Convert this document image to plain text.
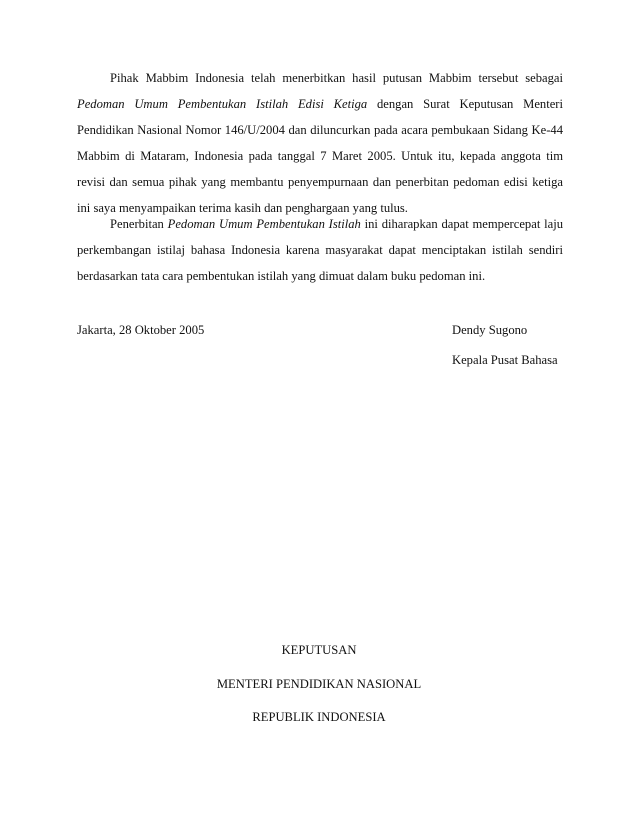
Pihak Mabbim Indonesia telah menerbitkan hasil putusan Mabbim tersebut sebagai Pedoman Umum Pembentukan Istilah Edisi Ketiga dengan Surat Keputusan Menteri Pendidikan Nasional Nomor 146/U/2004 dan diluncurkan pada acara pembukaan Sidang Ke-44 Mabbim di Mataram, Indonesia pada tanggal 7 Maret 2005. Untuk itu, kepada anggota tim revisi dan semua pihak yang membantu penyempurnaan dan penerbitan pedoman edisi ketiga ini saya menyampaikan terima kasih dan penghargaan yang tulus.

Penerbitan Pedoman Umum Pembentukan Istilah ini diharapkan dapat mempercepat laju perkembangan istilaj bahasa Indonesia karena masyarakat dapat menciptakan istilah sendiri berdasarkan tata cara pembentukan istilah yang dimuat dalam buku pedoman ini.

Jakarta, 28 Oktober 2005	Dendy Sugono
Kepala Pusat Bahasa
KEPUTUSAN
MENTERI PENDIDIKAN NASIONAL
REPUBLIK INDONESIA
